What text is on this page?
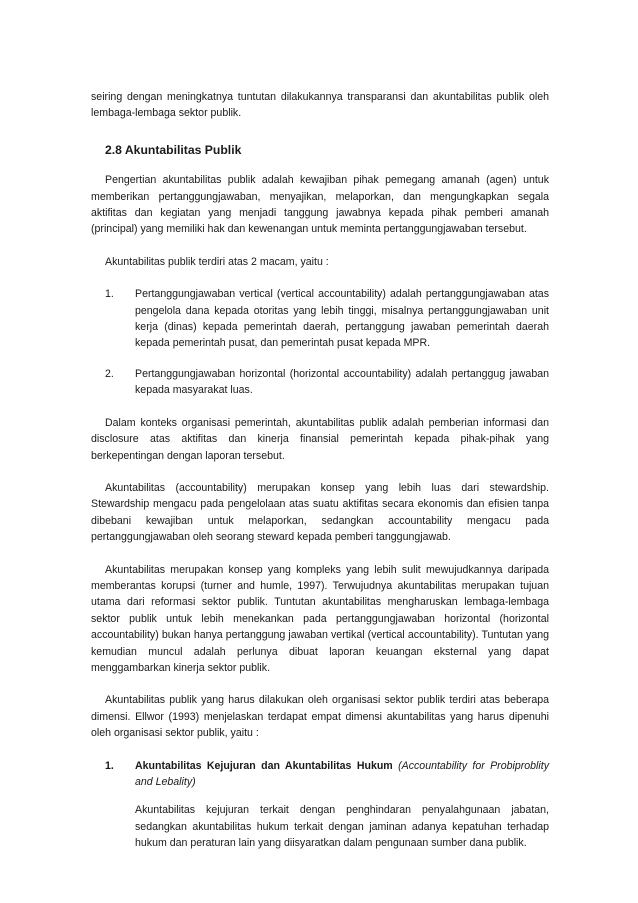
seiring dengan meningkatnya tuntutan dilakukannya transparansi dan akuntabilitas publik oleh lembaga-lembaga sektor publik.

2.8 Akuntabilitas Publik

Pengertian akuntabilitas publik adalah kewajiban pihak pemegang amanah (agen) untuk memberikan pertanggungjawaban, menyajikan, melaporkan, dan mengungkapkan segala aktifitas dan kegiatan yang menjadi tanggung jawabnya kepada pihak pemberi amanah (principal) yang memiliki hak dan kewenangan untuk meminta pertanggungjawaban tersebut.

Akuntabilitas publik terdiri atas 2 macam, yaitu :

1. Pertanggungjawaban vertical (vertical accountability) adalah pertanggungjawaban atas pengelola dana kepada otoritas yang lebih tinggi, misalnya pertanggungjawaban unit kerja (dinas) kepada pemerintah daerah, pertanggung jawaban pemerintah daerah kepada pemerintah pusat, dan pemerintah pusat kepada MPR.
2. Pertanggungjawaban horizontal (horizontal accountability) adalah pertanggug jawaban kepada masyarakat luas.

Dalam konteks organisasi pemerintah, akuntabilitas publik adalah pemberian informasi dan disclosure atas aktifitas dan kinerja finansial pemerintah kepada pihak-pihak yang berkepentingan dengan laporan tersebut.

Akuntabilitas (accountability) merupakan konsep yang lebih luas dari stewardship. Stewardship mengacu pada pengelolaan atas suatu aktifitas secara ekonomis dan efisien tanpa dibebani kewajiban untuk melaporkan, sedangkan accountability mengacu pada pertanggungjawaban oleh seorang steward kepada pemberi tanggungjawab.

Akuntabilitas merupakan konsep yang kompleks yang lebih sulit mewujudkannya daripada memberantas korupsi (turner and humle, 1997). Terwujudnya akuntabilitas merupakan tujuan utama dari reformasi sektor publik. Tuntutan akuntabilitas mengharuskan lembaga-lembaga sektor publik untuk lebih menekankan pada pertanggungjawaban horizontal (horizontal accountability) bukan hanya pertanggung jawaban vertikal (vertical accountability). Tuntutan yang kemudian muncul adalah perlunya dibuat laporan keuangan eksternal yang dapat menggambarkan kinerja sektor publik.

Akuntabilitas publik yang harus dilakukan oleh organisasi sektor publik terdiri atas beberapa dimensi. Ellwor (1993) menjelaskan terdapat empat dimensi akuntabilitas yang harus dipenuhi oleh organisasi sektor publik, yaitu :

1. Akuntabilitas Kejujuran dan Akuntabilitas Hukum (Accountability for Probiproblity and Lebality)

Akuntabilitas kejujuran terkait dengan penghindaran penyalahgunaan jabatan, sedangkan akuntabilitas hukum terkait dengan jaminan adanya kepatuhan terhadap hukum dan peraturan lain yang diisyaratkan dalam pengunaan sumber dana publik.
